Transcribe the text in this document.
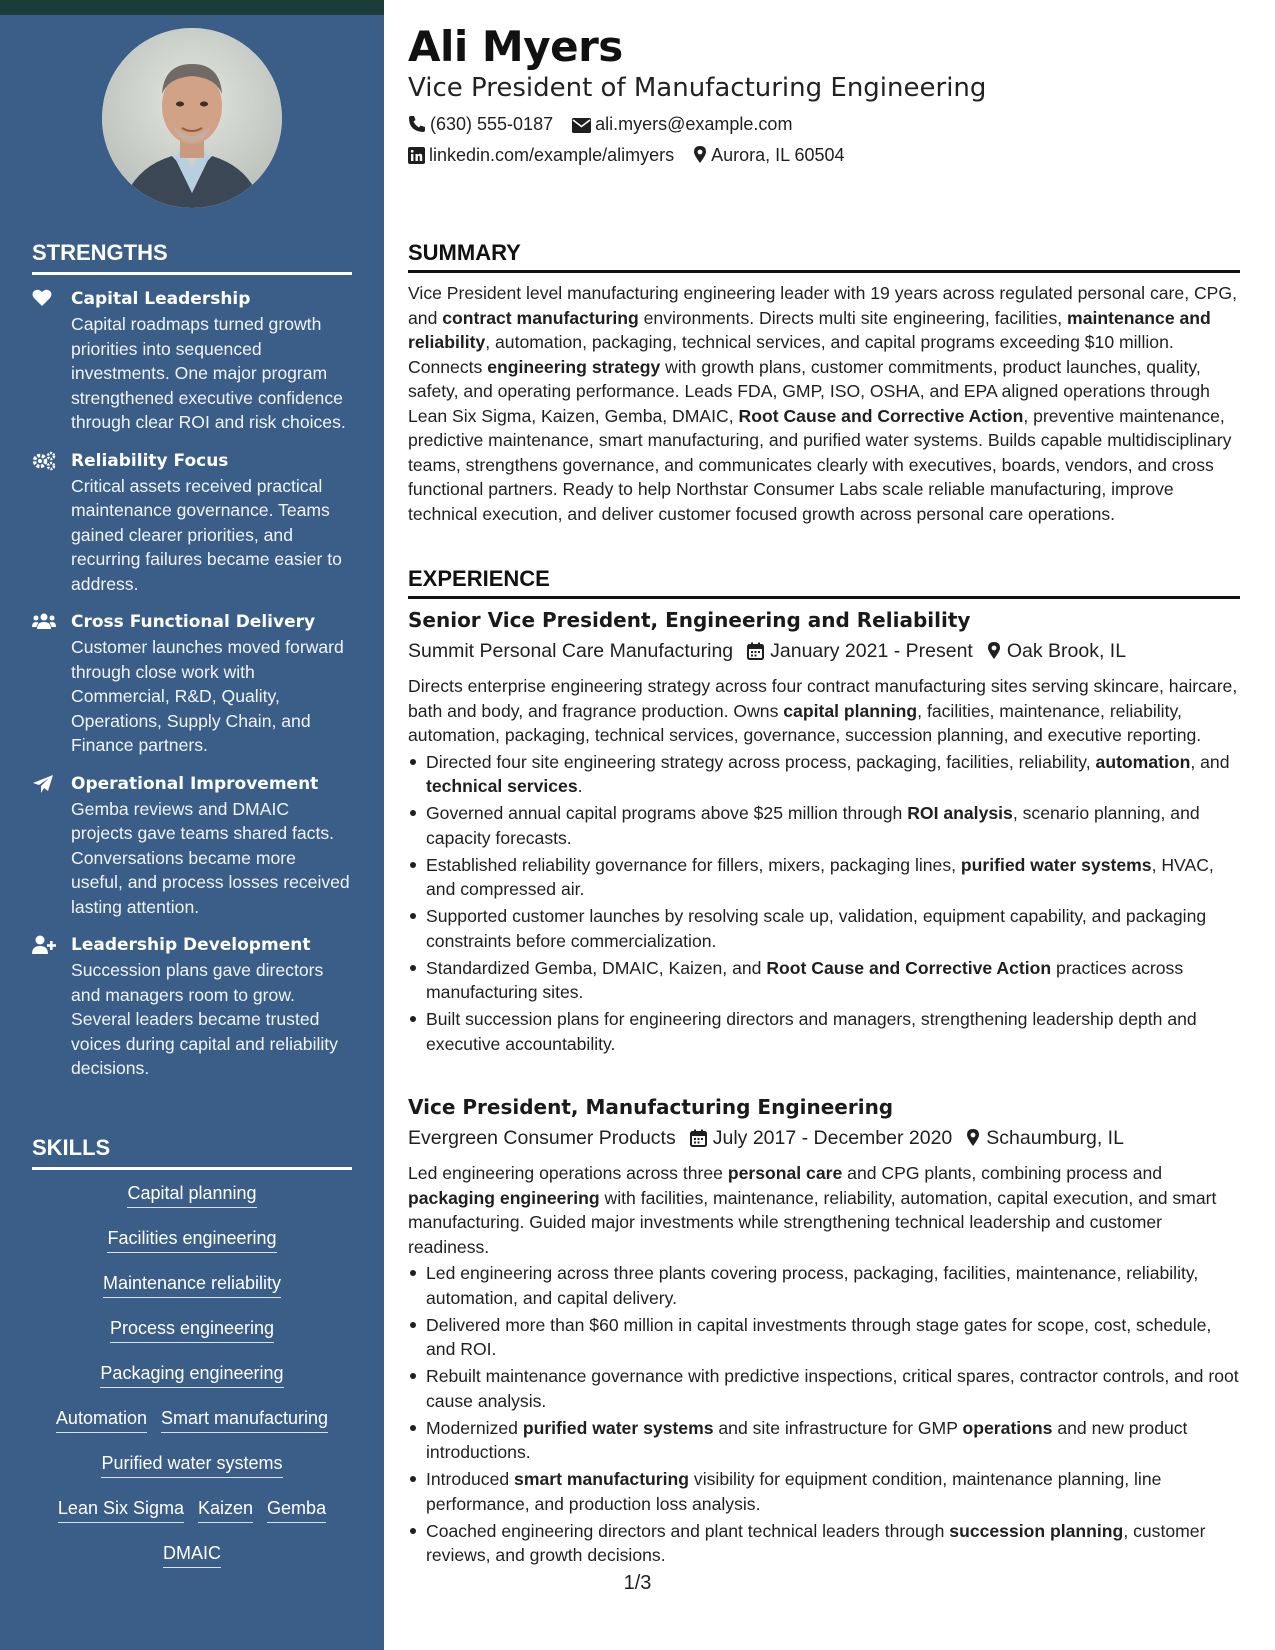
STRENGTHS
Capital Leadership
Capital roadmaps turned growth priorities into sequenced investments. One major program strengthened executive confidence through clear ROI and risk choices.
Reliability Focus
Critical assets received practical maintenance governance. Teams gained clearer priorities, and recurring failures became easier to address.
Cross Functional Delivery
Customer launches moved forward through close work with Commercial, R&D, Quality, Operations, Supply Chain, and Finance partners.
Operational Improvement
Gemba reviews and DMAIC projects gave teams shared facts. Conversations became more useful, and process losses received lasting attention.
Leadership Development
Succession plans gave directors and managers room to grow. Several leaders became trusted voices during capital and reliability decisions.
SKILLS
Capital planning
Facilities engineering
Maintenance reliability
Process engineering
Packaging engineering
Automation Smart manufacturing
Purified water systems
Lean Six Sigma Kaizen Gemba
DMAIC
Ali Myers
Vice President of Manufacturing Engineering
(630) 555-0187 ali.myers@example.com
linkedin.com/example/alimyers Aurora, IL 60504
SUMMARY
Vice President level manufacturing engineering leader with 19 years across regulated personal care, CPG, and contract manufacturing environments. Directs multi site engineering, facilities, maintenance and reliability, automation, packaging, technical services, and capital programs exceeding $10 million. Connects engineering strategy with growth plans, customer commitments, product launches, quality, safety, and operating performance. Leads FDA, GMP, ISO, OSHA, and EPA aligned operations through Lean Six Sigma, Kaizen, Gemba, DMAIC, Root Cause and Corrective Action, preventive maintenance, predictive maintenance, smart manufacturing, and purified water systems. Builds capable multidisciplinary teams, strengthens governance, and communicates clearly with executives, boards, vendors, and cross functional partners. Ready to help Northstar Consumer Labs scale reliable manufacturing, improve technical execution, and deliver customer focused growth across personal care operations.
EXPERIENCE
Senior Vice President, Engineering and Reliability
Summit Personal Care Manufacturing January 2021 - Present Oak Brook, IL
Directs enterprise engineering strategy across four contract manufacturing sites serving skincare, haircare, bath and body, and fragrance production. Owns capital planning, facilities, maintenance, reliability, automation, packaging, technical services, governance, succession planning, and executive reporting.
Directed four site engineering strategy across process, packaging, facilities, reliability, automation, and technical services.
Governed annual capital programs above $25 million through ROI analysis, scenario planning, and capacity forecasts.
Established reliability governance for fillers, mixers, packaging lines, purified water systems, HVAC, and compressed air.
Supported customer launches by resolving scale up, validation, equipment capability, and packaging constraints before commercialization.
Standardized Gemba, DMAIC, Kaizen, and Root Cause and Corrective Action practices across manufacturing sites.
Built succession plans for engineering directors and managers, strengthening leadership depth and executive accountability.
Vice President, Manufacturing Engineering
Evergreen Consumer Products July 2017 - December 2020 Schaumburg, IL
Led engineering operations across three personal care and CPG plants, combining process and packaging engineering with facilities, maintenance, reliability, automation, capital execution, and smart manufacturing. Guided major investments while strengthening technical leadership and customer readiness.
Led engineering across three plants covering process, packaging, facilities, maintenance, reliability, automation, and capital delivery.
Delivered more than $60 million in capital investments through stage gates for scope, cost, schedule, and ROI.
Rebuilt maintenance governance with predictive inspections, critical spares, contractor controls, and root cause analysis.
Modernized purified water systems and site infrastructure for GMP operations and new product introductions.
Introduced smart manufacturing visibility for equipment condition, maintenance planning, line performance, and production loss analysis.
Coached engineering directors and plant technical leaders through succession planning, customer reviews, and growth decisions.
1/3
